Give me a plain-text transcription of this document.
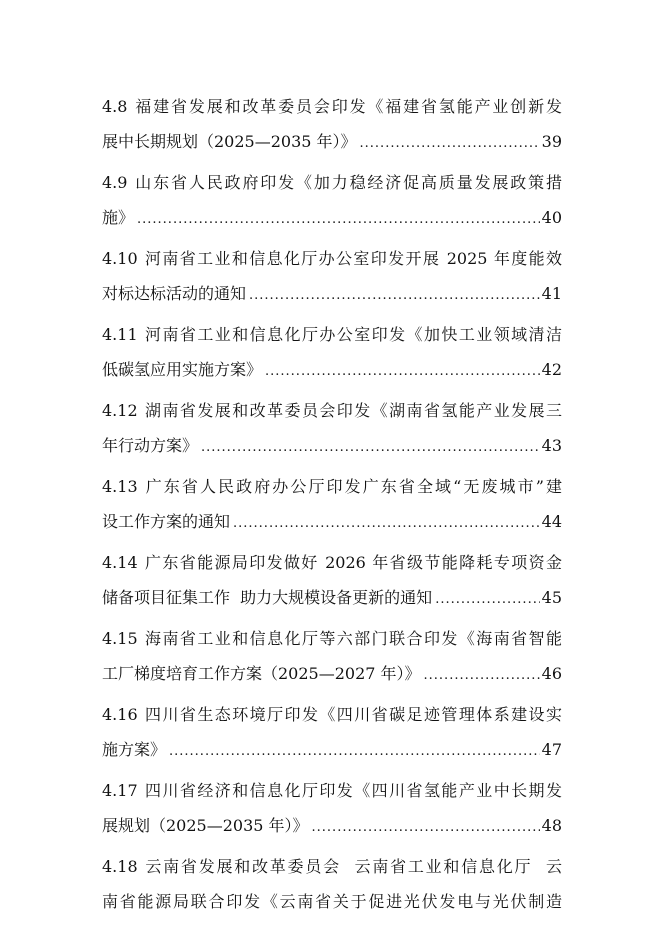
4.8 福建省发展和改革委员会印发《福建省氢能产业创新发
展中长期规划（2025—2035 年）》 .....	39
4.9 山东省人民政府印发《加力稳经济促高质量发展政策措
施》 .....	40
4.10 河南省工业和信息化厅办公室印发开展 2025 年度能效
对标达标活动的通知 .....	41
4.11 河南省工业和信息化厅办公室印发《加快工业领域清洁
低碳氢应用实施方案》 .....	42
4.12 湖南省发展和改革委员会印发《湖南省氢能产业发展三
年行动方案》 .....	43
4.13 广东省人民政府办公厅印发广东省全域“无废城市”建
设工作方案的通知 .....	44
4.14 广东省能源局印发做好 2026 年省级节能降耗专项资金
储备项目征集工作  助力大规模设备更新的通知 .....	45
4.15 海南省工业和信息化厅等六部门联合印发《海南省智能
工厂梯度培育工作方案（2025—2027 年）》 .....	46
4.16 四川省生态环境厅印发《四川省碳足迹管理体系建设实
施方案》 .....	47
4.17 四川省经济和信息化厅印发《四川省氢能产业中长期发
展规划（2025—2035 年）》 .....	48
4.18 云南省发展和改革委员会  云南省工业和信息化厅  云
南省能源局联合印发《云南省关于促进光伏发电与光伏制造
